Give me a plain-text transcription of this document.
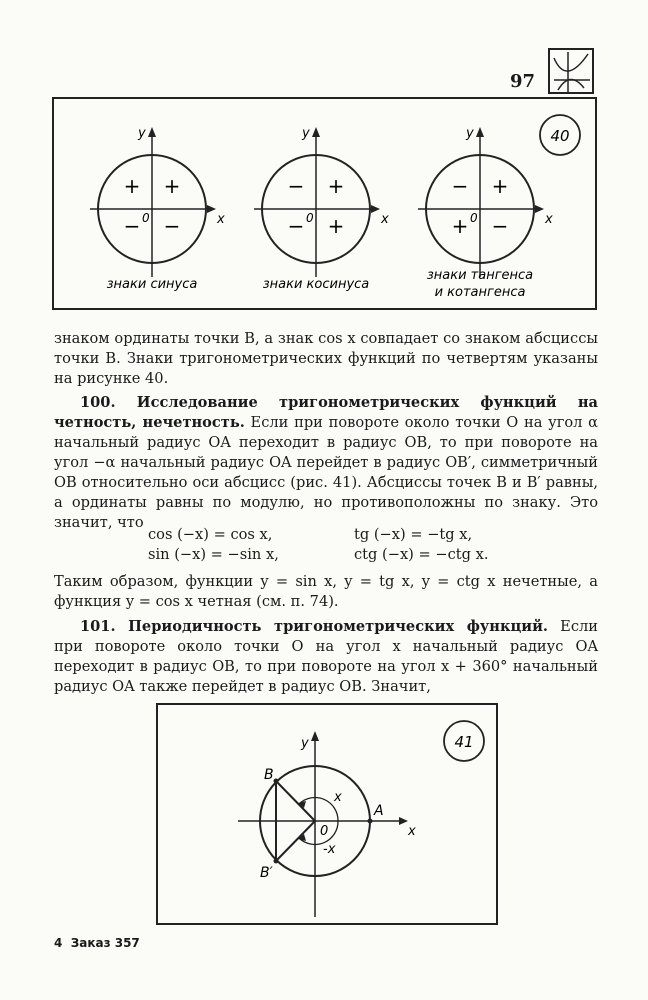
97
40
y
x
0
+
+
− −
знаки синуса
y
x
0
+
−
− +
знаки косинуса
y
x
0
+
−
+ −
знаки тангенса
и котангенса

знаком ординаты точки B, а знак cos x совпадает со знаком абсциссы точки B. Знаки тригонометрических функций по четвертям указаны на рисунке 40.

100. Исследование тригонометрических функций на четность, нечетность. Если при повороте около точки O на угол α начальный радиус OA переходит в радиус OB, то при повороте на угол −α начальный радиус OA перейдет в радиус OB′, симметричный OB относительно оси абсцисс (рис. 41). Абсциссы точек B и B′ равны, а ординаты равны по модулю, но противоположны по знаку. Это значит, что

cos (−x) = cos x,	tg (−x) = −tg x,
sin (−x) = −sin x,	ctg (−x) = −ctg x.

Таким образом, функции y = sin x, y = tg x, y = ctg x нечетные, а функция y = cos x четная (см. п. 74).

101. Периодичность тригонометрических функций. Если при повороте около точки O на угол x начальный радиус OA переходит в радиус OB, то при повороте на угол x + 360° начальный радиус OA также перейдет в радиус OB. Значит,

41
y
x
B
B′
A
0
x
-x
4  Заказ 357
